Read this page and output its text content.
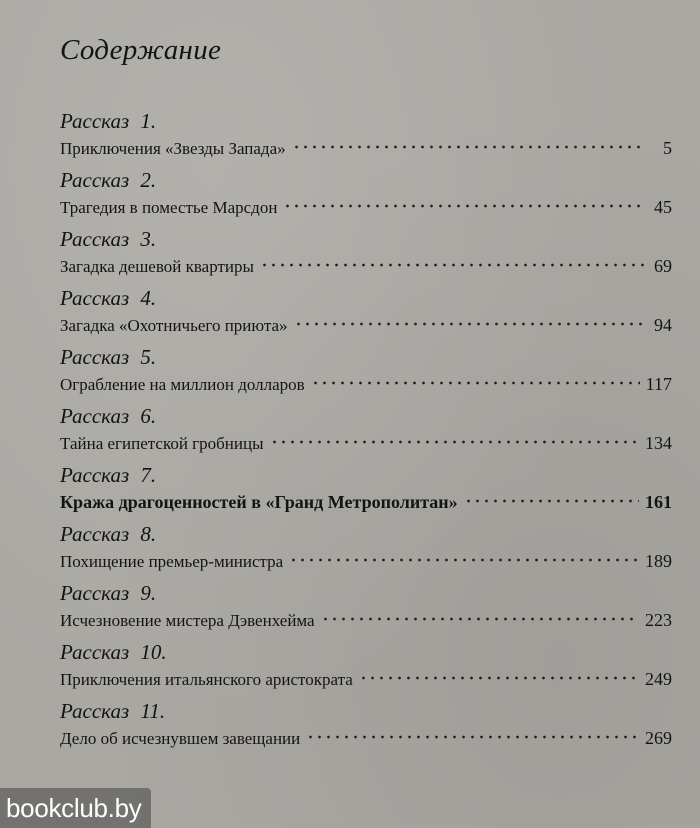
Содержание
Рассказ 1.
Приключения «Звезды Запада»	5
Рассказ 2.
Трагедия в поместье Марсдон	45
Рассказ 3.
Загадка дешевой квартиры	69
Рассказ 4.
Загадка «Охотничьего приюта»	94
Рассказ 5.
Ограбление на миллион долларов	117
Рассказ 6.
Тайна египетской гробницы	134
Рассказ 7.
Кража драгоценностей в «Гранд Метрополитан»	161
Рассказ 8.
Похищение премьер-министра	189
Рассказ 9.
Исчезновение мистера Дэвенхейма	223
Рассказ 10.
Приключения итальянского аристократа	249
Рассказ 11.
Дело об исчезнувшем завещании	269
bookclub.by
